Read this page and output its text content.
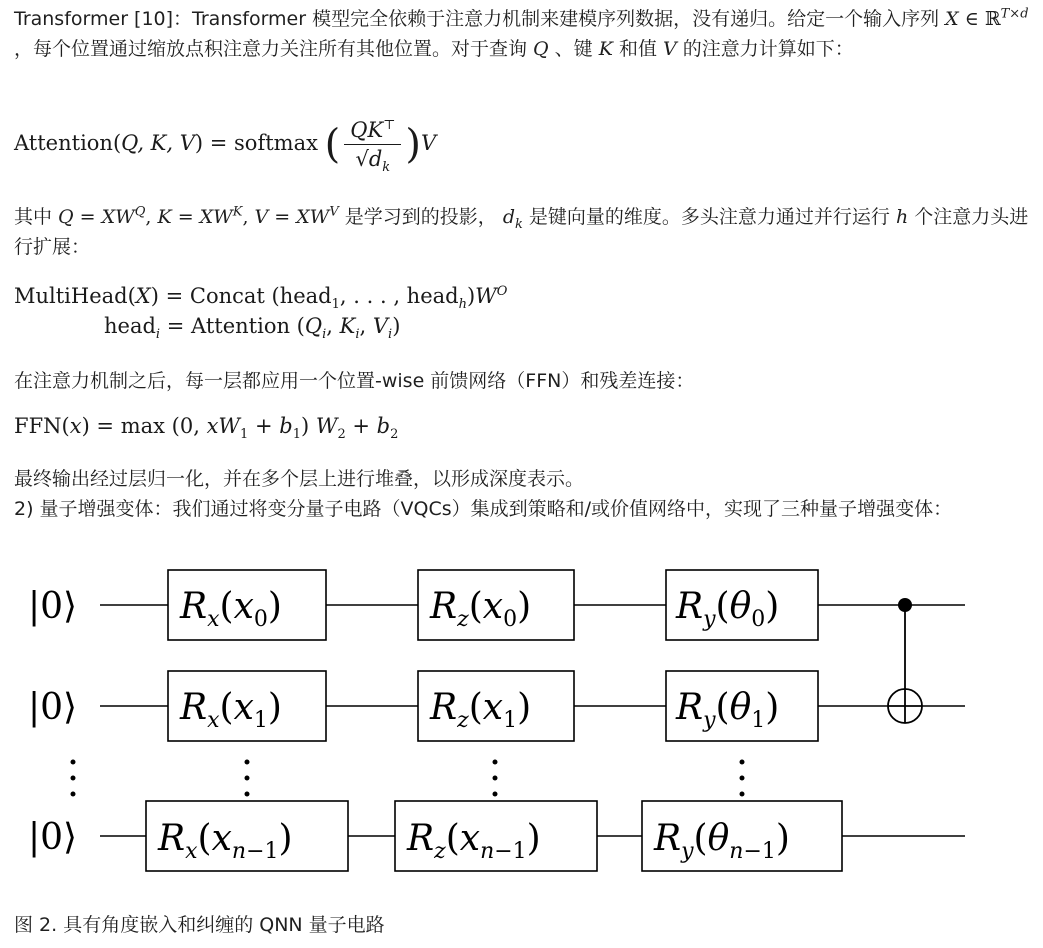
Transformer [10]：Transformer 模型完全依赖于注意力机制来建模序列数据，没有递归。给定一个输入序列 X ∈ ℝ$^{T\times d}$ ，每个位置通过缩放点积注意力关注所有其他位置。对于查询 Q 、键 K 和值 V 的注意力计算如下：

Attention(Q, K, V) = softmax ( $\frac{QK^⊤}{√d_k} )V$

其中 $Q = XW^Q$, $K = XW^K$, $V = XW^V$ 是学习到的投影， $d_k$ 是键向量的维度。多头注意力通过并行运行 h 个注意力头进行扩展：

MultiHead(X) = Concat (head$_1$, . . . , $head_h)W^O$
head$_i$ = Attention ($Q_i$, $K_i$, $V_i$)

在注意力机制之后，每一层都应用一个位置-wise 前馈网络（FFN）和残差连接：

FFN(x) = max (0, $xW_1 + b_1$) $W_2 + b_2$

最终输出经过层归一化，并在多个层上进行堆叠，以形成深度表示。

2) 量子增强变体：我们通过将变分量子电路（VQCs）集成到策略和/或价值网络中，实现了三种量子增强变体：

|0⟩
|0⟩
|0⟩
$R_x(x_0)$	$R_z(x_0)$	$R_y(\theta_0)$
$R_x(x_1)$	$R_z(x_1)$	$R_y(\theta_1)$
$R_x(x_n-1)$	$R_z(x_n-1)$	$R_y(\theta_n-1)$
图 2. 具有角度嵌入和纠缠的 QNN 量子电路
